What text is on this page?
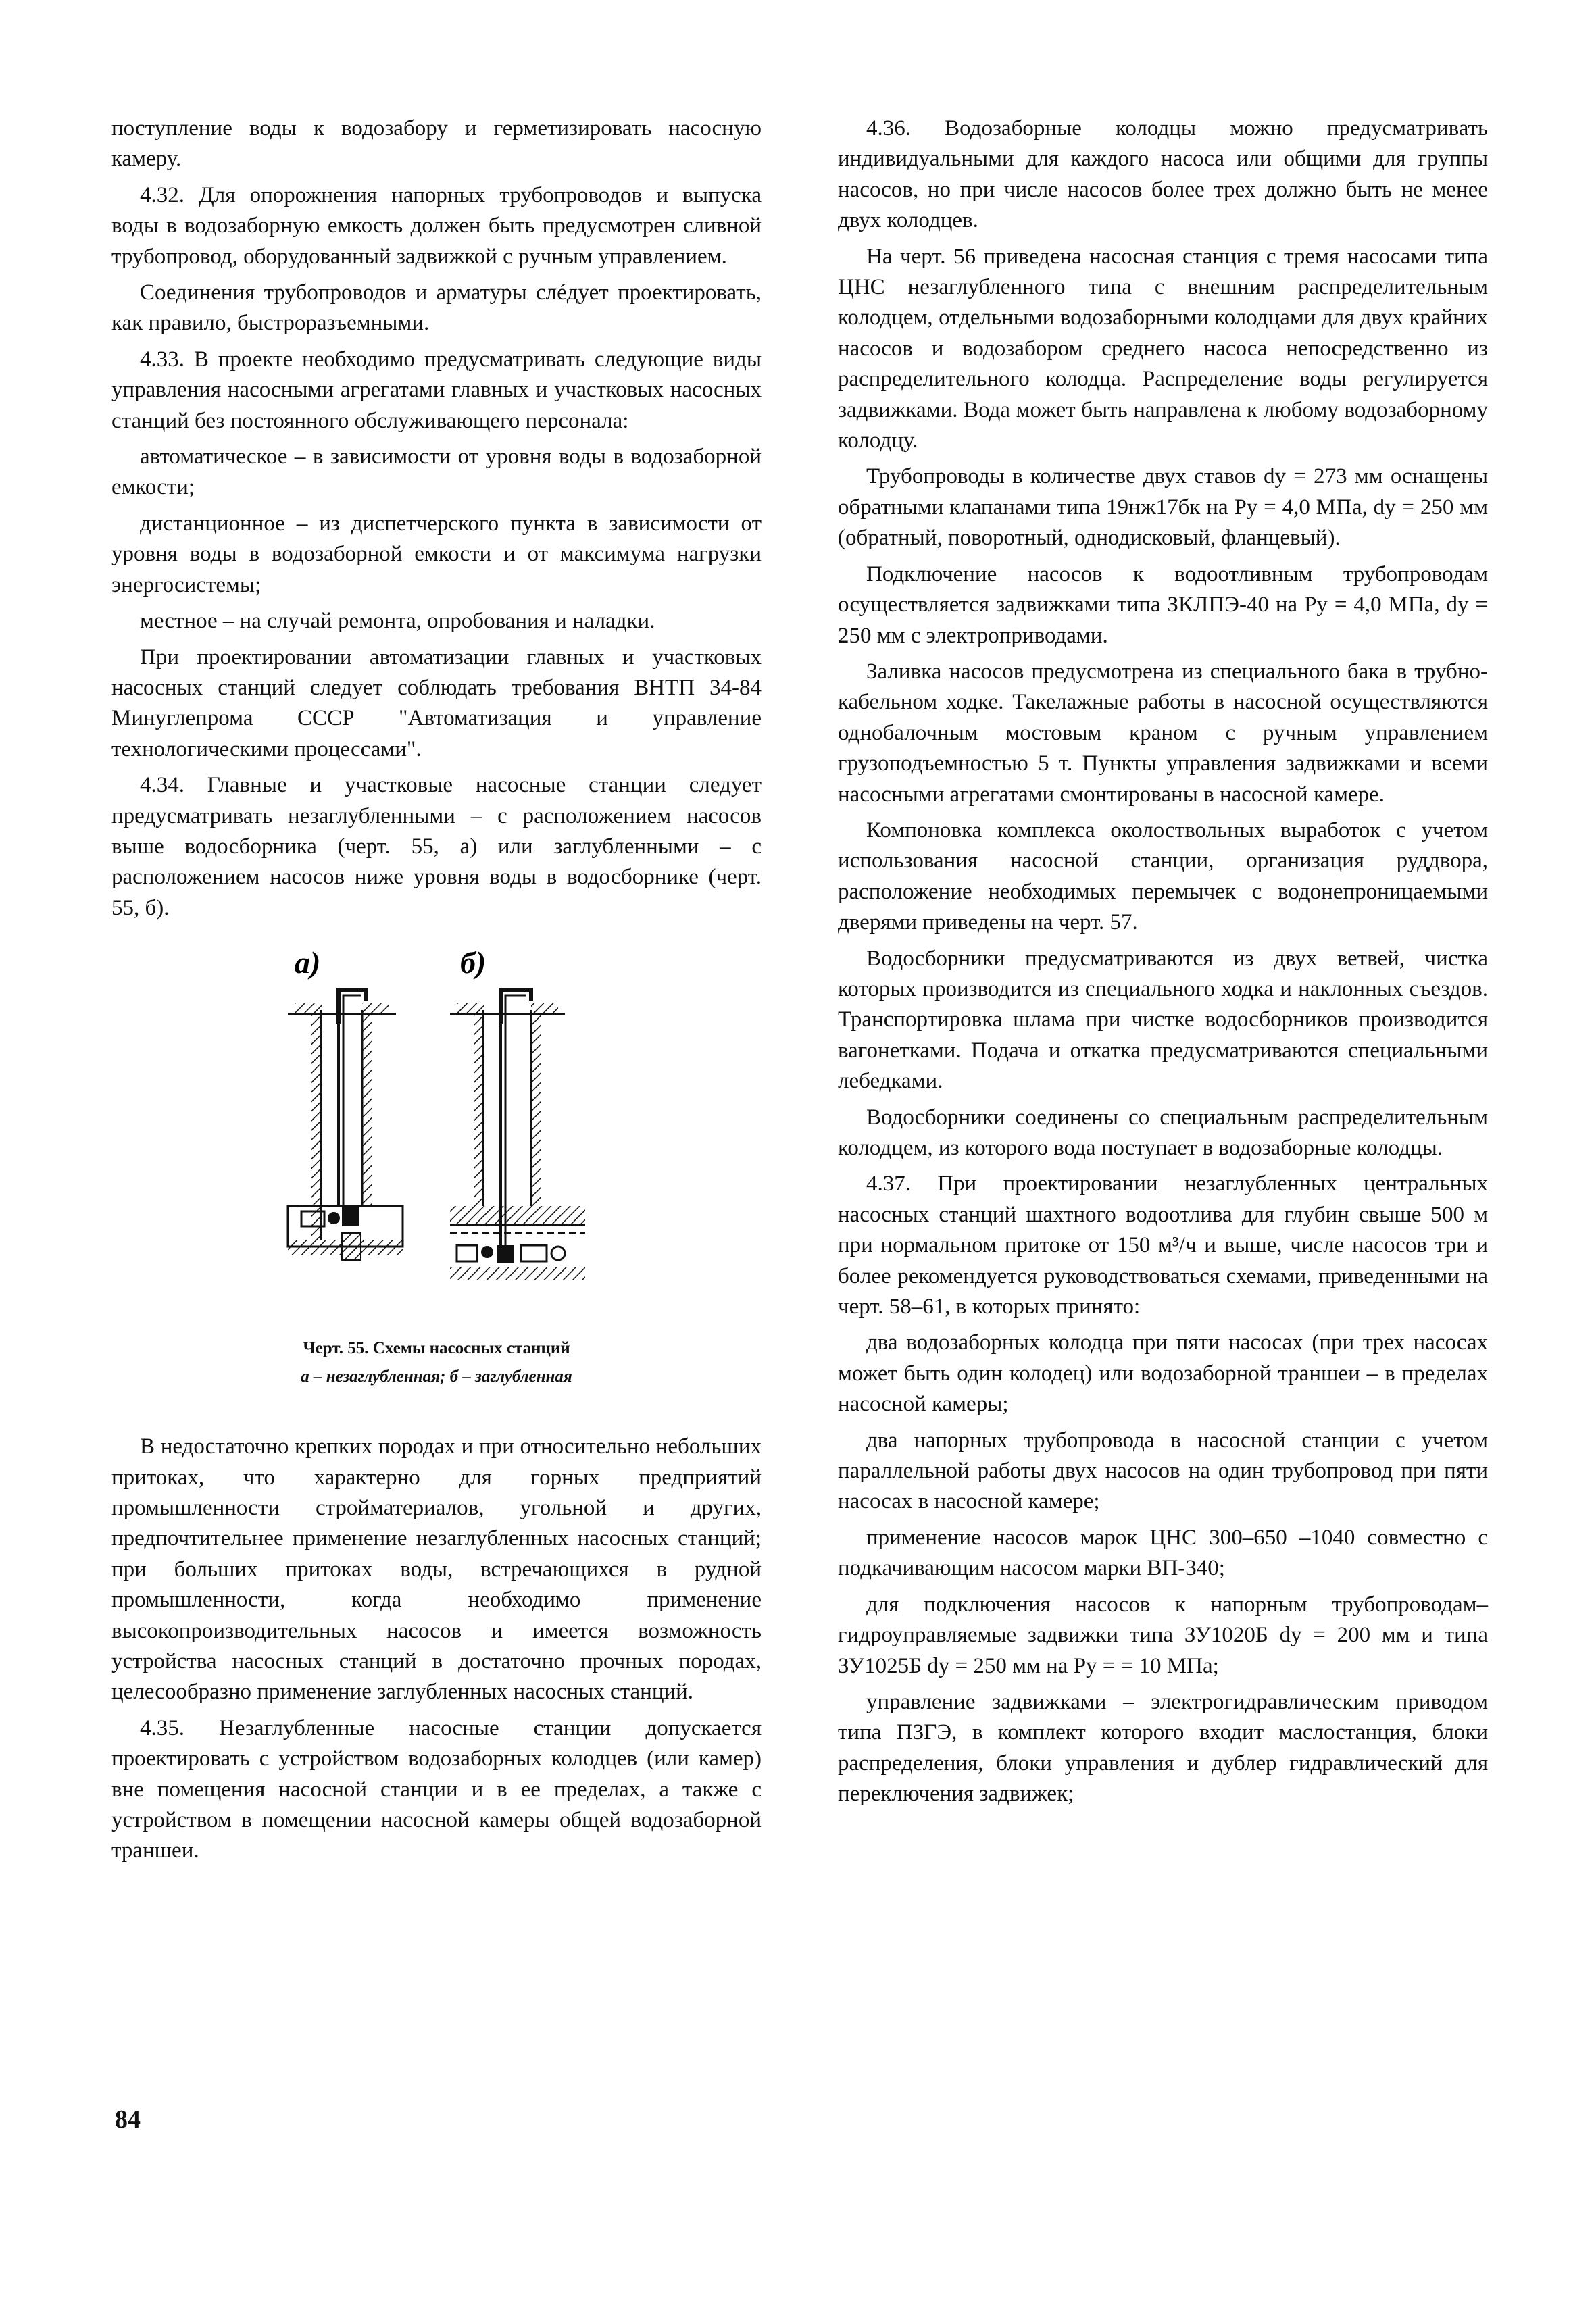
поступление воды к водозабору и герметизировать насосную камеру.

4.32. Для опорожнения напорных трубопроводов и выпуска воды в водозаборную емкость должен быть предусмотрен сливной трубопровод, оборудованный задвижкой с ручным управлением.

Соединения трубопроводов и арматуры слéдует проектировать, как правило, быстроразъемными.

4.33. В проекте необходимо предусматривать следующие виды управления насосными агрегатами главных и участковых насосных станций без постоянного обслуживающего персонала:

автоматическое – в зависимости от уровня воды в водозаборной емкости;

дистанционное – из диспетчерского пункта в зависимости от уровня воды в водозаборной емкости и от максимума нагрузки энергосистемы;

местное – на случай ремонта, опробования и наладки.

При проектировании автоматизации главных и участковых насосных станций следует соблюдать требования ВНТП 34-84 Минуглепрома СССР "Автоматизация и управление технологическими процессами".

4.34. Главные и участковые насосные станции следует предусматривать незаглубленными – с расположением насосов выше водосборника (черт. 55, а) или заглубленными – с расположением насосов ниже уровня воды в водосборнике (черт. 55, б).

а)	б)
Черт. 55. Схемы насосных станций
а – незаглубленная; б – заглубленная

В недостаточно крепких породах и при относительно небольших притоках, что характерно для горных предприятий промышленности стройматериалов, угольной и других, предпочтительнее применение незаглубленных насосных станций; при больших притоках воды, встречающихся в рудной промышленности, когда необходимо применение высокопроизводительных насосов и имеется возможность устройства насосных станций в достаточно прочных породах, целесообразно применение заглубленных насосных станций.

4.35. Незаглубленные насосные станции допускается проектировать с устройством водозаборных колодцев (или камер) вне помещения насосной станции и в ее пределах, а также с устройством в помещении насосной камеры общей водозаборной траншеи.

4.36. Водозаборные колодцы можно предусматривать индивидуальными для каждого насоса или общими для группы насосов, но при числе насосов более трех должно быть не менее двух колодцев.

На черт. 56 приведена насосная станция с тремя насосами типа ЦНС незаглубленного типа с внешним распределительным колодцем, отдельными водозаборными колодцами для двух крайних насосов и водозабором среднего насоса непосредственно из распределительного колодца. Распределение воды регулируется задвижками. Вода может быть направлена к любому водозаборному колодцу.

Трубопроводы в количестве двух ставов dу = 273 мм оснащены обратными клапанами типа 19нж17бк на Pу = 4,0 МПа, dу = 250 мм (обратный, поворотный, однодисковый, фланцевый).

Подключение насосов к водоотливным трубопроводам осуществляется задвижками типа ЗКЛПЭ-40 на Pу = 4,0 МПа, dу = 250 мм с электроприводами.

Заливка насосов предусмотрена из специального бака в трубно-кабельном ходке. Такелажные работы в насосной осуществляются однобалочным мостовым краном с ручным управлением грузоподъемностью 5 т. Пункты управления задвижками и всеми насосными агрегатами смонтированы в насосной камере.

Компоновка комплекса околоствольных выработок с учетом использования насосной станции, организация руддвора, расположение необходимых перемычек с водонепроницаемыми дверями приведены на черт. 57.

Водосборники предусматриваются из двух ветвей, чистка которых производится из специального ходка и наклонных съездов. Транспортировка шлама при чистке водосборников производится вагонетками. Подача и откатка предусматриваются специальными лебедками.

Водосборники соединены со специальным распределительным колодцем, из которого вода поступает в водозаборные колодцы.

4.37. При проектировании незаглубленных центральных насосных станций шахтного водоотлива для глубин свыше 500 м при нормальном притоке от 150 м³/ч и выше, числе насосов три и более рекомендуется руководствоваться схемами, приведенными на черт. 58–61, в которых принято:

два водозаборных колодца при пяти насосах (при трех насосах может быть один колодец) или водозаборной траншеи – в пределах насосной камеры;

два напорных трубопровода в насосной станции с учетом параллельной работы двух насосов на один трубопровод при пяти насосах в насосной камере;

применение насосов марок ЦНС 300–650 –1040 совместно с подкачивающим насосом марки ВП-340;

для подключения насосов к напорным трубопроводам–гидроуправляемые задвижки типа ЗУ1020Б dу = 200 мм и типа ЗУ1025Б dу = 250 мм на Pу = = 10 МПа;

управление задвижками – электрогидравлическим приводом типа ПЗГЭ, в комплект которого входит маслостанция, блоки распределения, блоки управления и дублер гидравлический для переключения задвижек;

84
